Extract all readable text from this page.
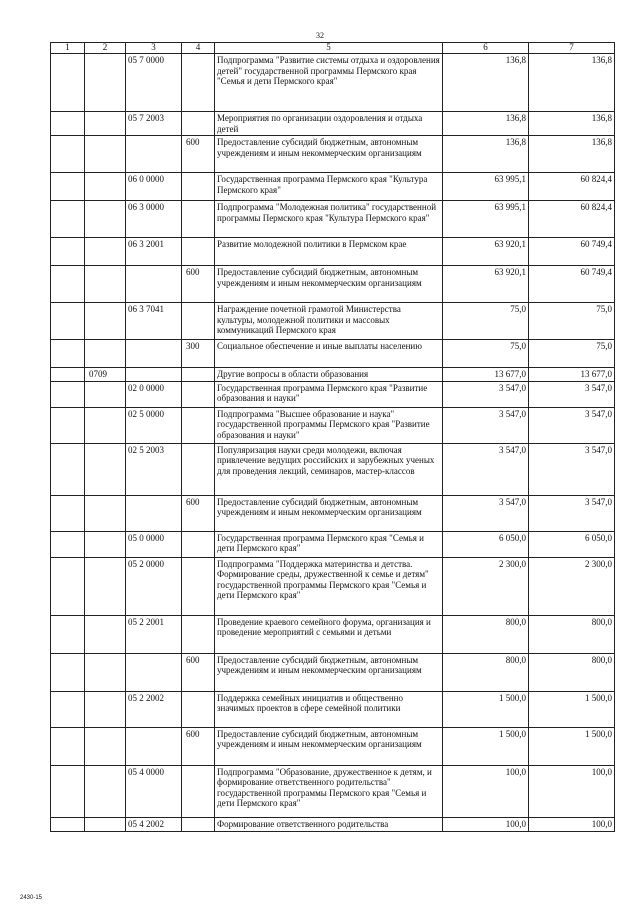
32
1	2	3	4	5	6	7
		05 7 0000		Подпрограмма "Развитие системы отдыха и оздоровления детей" государственной программы Пермского края "Семья и дети Пермского края"	136,8	136,8
		05 7 2003		Мероприятия по организации оздоровления и отдыха детей	136,8	136,8
			600	Предоставление субсидий бюджетным, автономным учреждениям и иным некоммерческим организациям	136,8	136,8
		06 0 0000		Государственная программа Пермского края "Культура Пермского края"	63 995,1	60 824,4
		06 3 0000		Подпрограмма "Молодежная политика" государственной программы Пермского края "Культура Пермского края"	63 995,1	60 824,4
		06 3 2001		Развитие молодежной политики в Пермском крае	63 920,1	60 749,4
			600	Предоставление субсидий бюджетным, автономным учреждениям и иным некоммерческим организациям	63 920,1	60 749,4
		06 3 7041		Награждение почетной грамотой Министерства культуры, молодежной политики и массовых коммуникаций Пермского края	75,0	75,0
			300	Социальное обеспечение и иные выплаты населению	75,0	75,0
	0709			Другие вопросы в области образования	13 677,0	13 677,0
		02 0 0000		Государственная программа Пермского края "Развитие образования и науки"	3 547,0	3 547,0
		02 5 0000		Подпрограмма "Высшее образование и наука" государственной программы Пермского края "Развитие образования и науки"	3 547,0	3 547,0
		02 5 2003		Популяризация науки среди молодежи, включая привлечение ведущих российских и зарубежных ученых для проведения лекций, семинаров, мастер-классов	3 547,0	3 547,0
			600	Предоставление субсидий бюджетным, автономным учреждениям и иным некоммерческим организациям	3 547,0	3 547,0
		05 0 0000		Государственная программа Пермского края "Семья и дети Пермского края"	6 050,0	6 050,0
		05 2 0000		Подпрограмма "Поддержка материнства и детства. Формирование среды, дружественной к семье и детям" государственной программы Пермского края "Семья и дети Пермского края"	2 300,0	2 300,0
		05 2 2001		Проведение краевого семейного форума, организация и проведение мероприятий с семьями и детьми	800,0	800,0
			600	Предоставление субсидий бюджетным, автономным учреждениям и иным некоммерческим организациям	800,0	800,0
		05 2 2002		Поддержка семейных инициатив и общественно значимых проектов в сфере семейной политики	1 500,0	1 500,0
			600	Предоставление субсидий бюджетным, автономным учреждениям и иным некоммерческим организациям	1 500,0	1 500,0
		05 4 0000		Подпрограмма "Образование, дружественное к детям, и формирование ответственного родительства" государственной программы Пермского края "Семья и дети Пермского края"	100,0	100,0
		05 4 2002		Формирование ответственного родительства	100,0	100,0
2430-15
